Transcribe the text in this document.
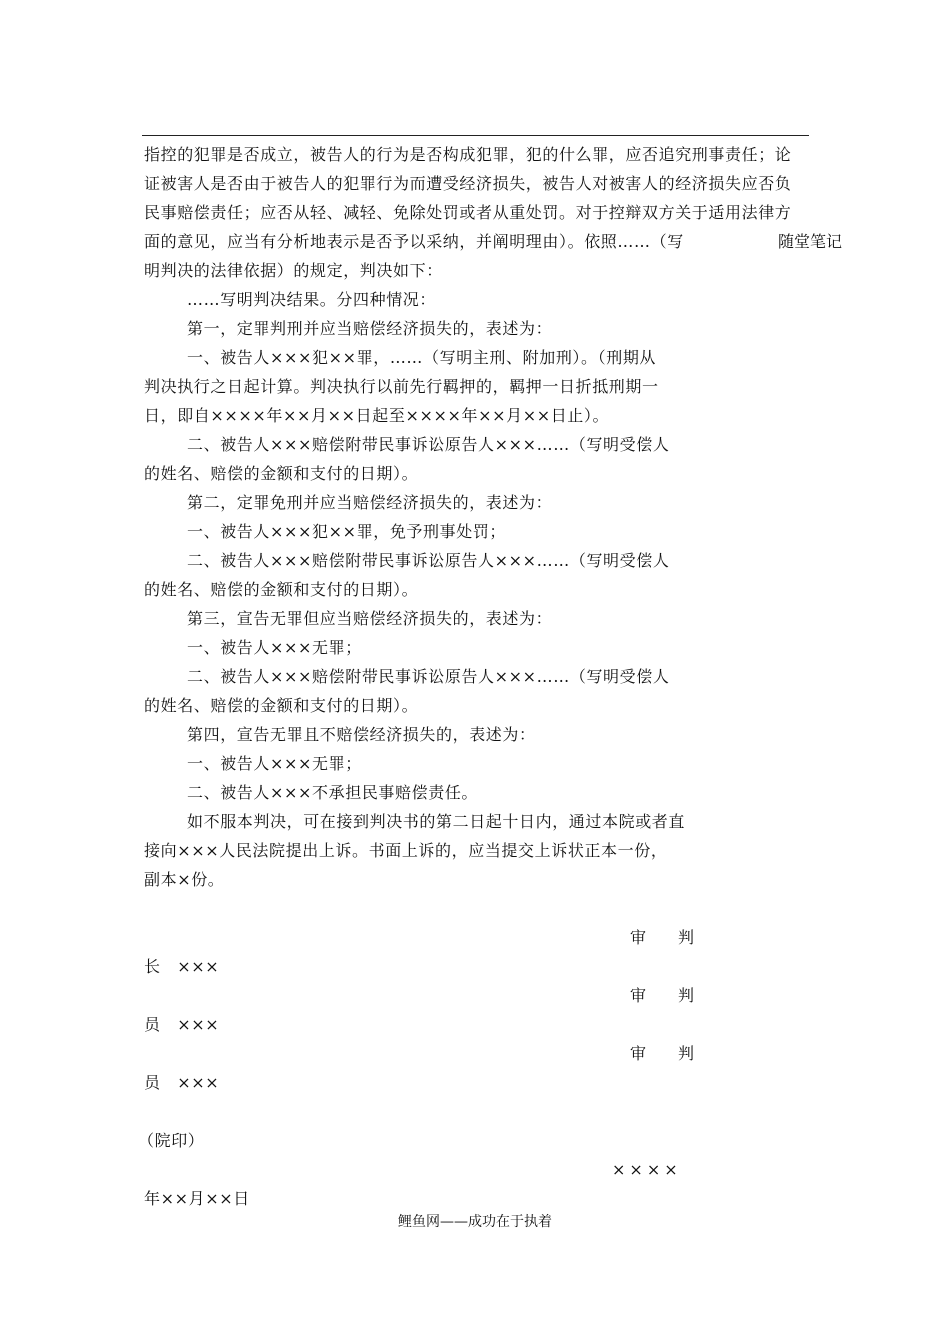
随堂笔记
指控的犯罪是否成立，被告人的行为是否构成犯罪，犯的什么罪，应否追究刑事责任；论
证被害人是否由于被告人的犯罪行为而遭受经济损失，被告人对被害人的经济损失应否负
民事赔偿责任；应否从轻、减轻、免除处罚或者从重处罚。对于控辩双方关于适用法律方
面的意见，应当有分析地表示是否予以采纳，并阐明理由）。依照……（写
明判决的法律依据）的规定，判决如下：
……写明判决结果。分四种情况：
第一，定罪判刑并应当赔偿经济损失的，表述为：
一、被告人×××犯××罪，……（写明主刑、附加刑）。（刑期从
判决执行之日起计算。判决执行以前先行羁押的，羁押一日折抵刑期一
日，即自××××年××月××日起至××××年××月××日止）。
二、被告人×××赔偿附带民事诉讼原告人×××……（写明受偿人
的姓名、赔偿的金额和支付的日期）。
第二，定罪免刑并应当赔偿经济损失的，表述为：
一、被告人×××犯××罪，免予刑事处罚；
二、被告人×××赔偿附带民事诉讼原告人×××……（写明受偿人
的姓名、赔偿的金额和支付的日期）。
第三，宣告无罪但应当赔偿经济损失的，表述为：
一、被告人×××无罪；
二、被告人×××赔偿附带民事诉讼原告人×××……（写明受偿人
的姓名、赔偿的金额和支付的日期）。
第四，宣告无罪且不赔偿经济损失的，表述为：
一、被告人×××无罪；
二、被告人×××不承担民事赔偿责任。
如不服本判决，可在接到判决书的第二日起十日内，通过本院或者直
接向×××人民法院提出上诉。书面上诉的，应当提交上诉状正本一份，
副本×份。
审　　判
长　×××
审　　判
员　×××
审　　判
员　×××
（院印）
××××
年××月××日
鲤鱼网——成功在于执着
